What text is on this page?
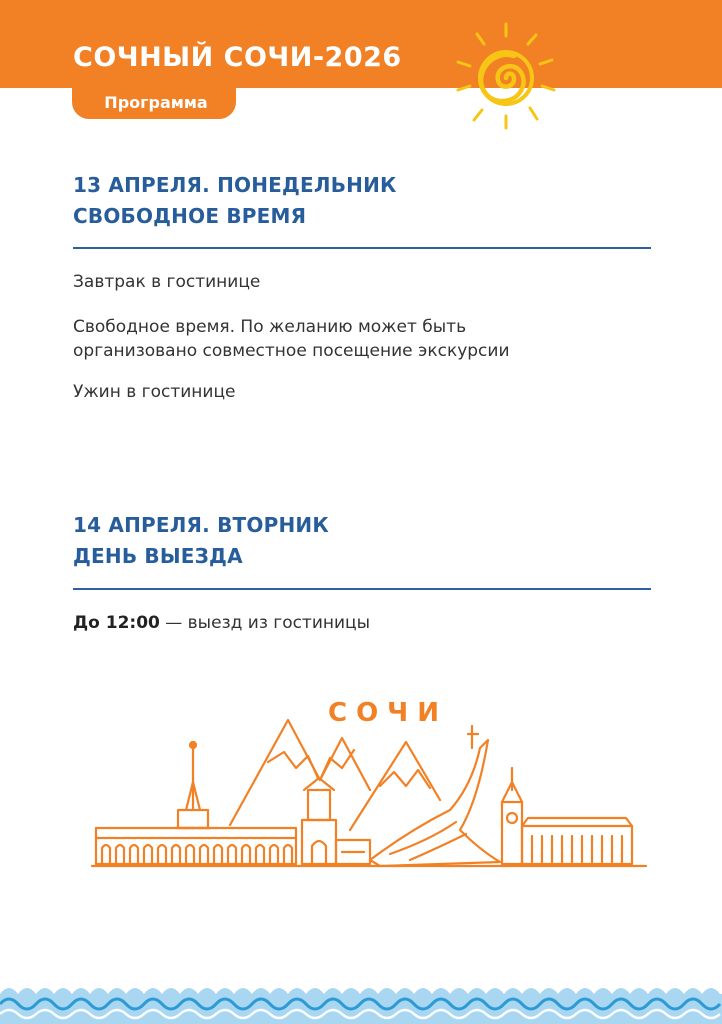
СОЧНЫЙ СОЧИ-2026
Программа
13 АПРЕЛЯ. ПОНЕДЕЛЬНИК
СВОБОДНОЕ ВРЕМЯ
Завтрак в гостинице
Свободное время. По желанию может быть
организовано совместное посещение экскурсии
Ужин в гостинице
14 АПРЕЛЯ. ВТОРНИК
ДЕНЬ ВЫЕЗДА
До 12:00 — выезд из гостиницы
СОЧИ
